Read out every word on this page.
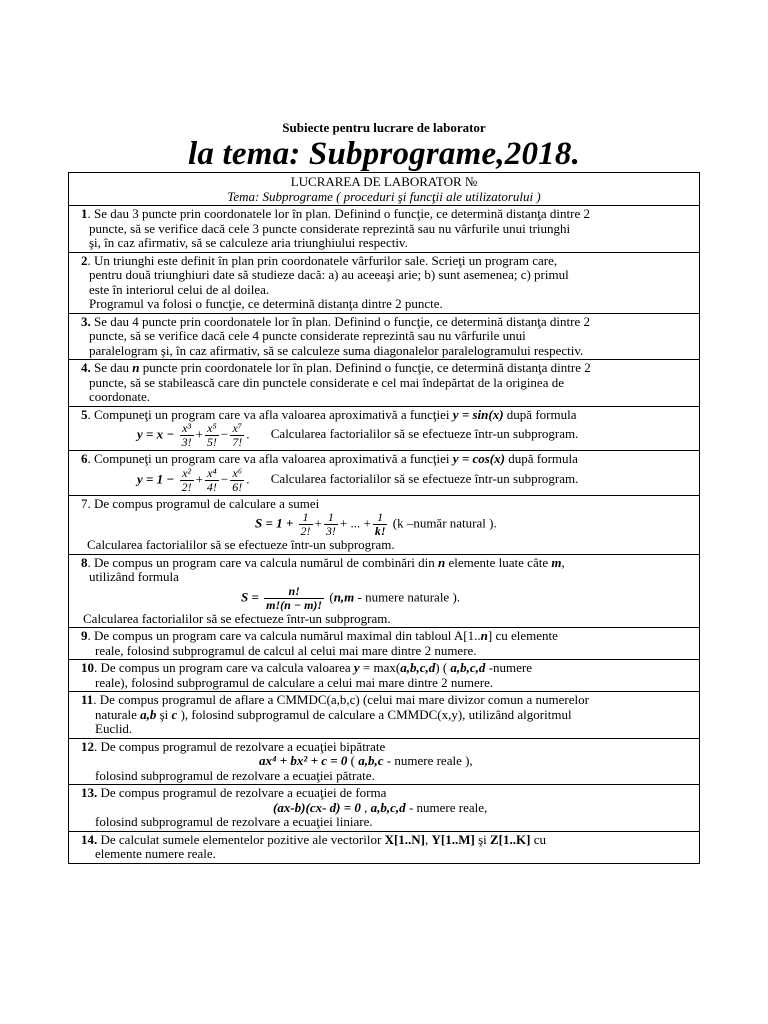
Subiecte pentru lucrare de laborator
la tema: Subprograme,2018.
LUCRAREA DE LABORATOR №
Tema: Subprograme ( proceduri şi funcţii ale utilizatorului )

1. Se dau 3 puncte prin coordonatele lor în plan. Definind o funcţie, ce determină distanţa dintre 2
puncte, să se verifice dacă cele 3 puncte considerate reprezintă sau nu vârfurile unui triunghi
şi, în caz afirmativ, să se calculeze aria triunghiului respectiv.

2. Un triunghi este definit în plan prin coordonatele vârfurilor sale. Scrieţi un program care,
pentru două triunghiuri date să studieze dacă: a) au aceeaşi arie; b) sunt asemenea; c) primul
este în interiorul celui de al doilea.
Programul va folosi o funcţie, ce determină distanţa dintre 2 puncte.

3. Se dau 4 puncte prin coordonatele lor în plan. Definind o funcţie, ce determină distanţa dintre 2
puncte, să se verifice dacă cele 4 puncte considerate reprezintă sau nu vârfurile unui
paralelogram şi, în caz afirmativ, să se calculeze suma diagonalelor paralelogramului respectiv.

4. Se dau n puncte prin coordonatele lor în plan. Definind o funcţie, ce determină distanţa dintre 2
puncte, să se stabilească care din punctele considerate e cel mai îndepărtat de la originea de
coordonate.

5. Compuneţi un program care va afla valoarea aproximativă a funcţiei y = sin(x) după formula
$y = x - \frac{\text{x³}}{3!} + \frac{\text{x⁵}}{5!} - \frac{\text{x⁷}}{7!}$ . Calcularea factorialilor să se efectueze într-un subprogram.

6. Compuneţi un program care va afla valoarea aproximativă a funcţiei y = cos(x) după formula
$y = 1 - \frac{\text{x²}}{2!} + \frac{\text{x⁴}}{4!} - \frac{\text{x⁶}}{6!}$ . Calcularea factorialilor să se efectueze într-un subprogram.

7. De compus programul de calculare a sumei
$S = 1 + \frac{1}{2!} + \frac{1}{3!}$ + ... + $\frac{1}{k!} (k$ –număr natural ).
Calcularea factorialilor să se efectueze într-un subprogram.

8. De compus un program care va calcula numărul de combinări din n elemente luate câte m,
utilizând formula
$S = \frac{n!}{m!(n - m)!} (n,m$ - numere naturale ).
Calcularea factorialilor să se efectueze într-un subprogram.

9. De compus un program care va calcula numărul maximal din tabloul A[1..n] cu elemente
reale, folosind subprogramul de calcul al celui mai mare dintre 2 numere.

10. De compus un program care va calcula valoarea y = max(a,b,c,d) ( a,b,c,d -numere
reale), folosind subprogramul de calculare a celui mai mare dintre 2 numere.

11. De compus programul de aflare a CMMDC(a,b,c) (celui mai mare divizor comun a numerelor
naturale a,b şi c ), folosind subprogramul de calculare a CMMDC(x,y), utilizând algoritmul
Euclid.

12. De compus programul de rezolvare a ecuaţiei bipătrate
ax⁴ + bx² + c = 0 ( a,b,c - numere reale ),
folosind subprogramul de rezolvare a ecuaţiei pătrate.

13. De compus programul de rezolvare a ecuaţiei de forma
(ax-b)(cx- d) = 0 , a,b,c,d - numere reale,
folosind subprogramul de rezolvare a ecuaţiei liniare.

14. De calculat sumele elementelor pozitive ale vectorilor X[1..N], Y[1..M] şi Z[1..K] cu
elemente numere reale.
